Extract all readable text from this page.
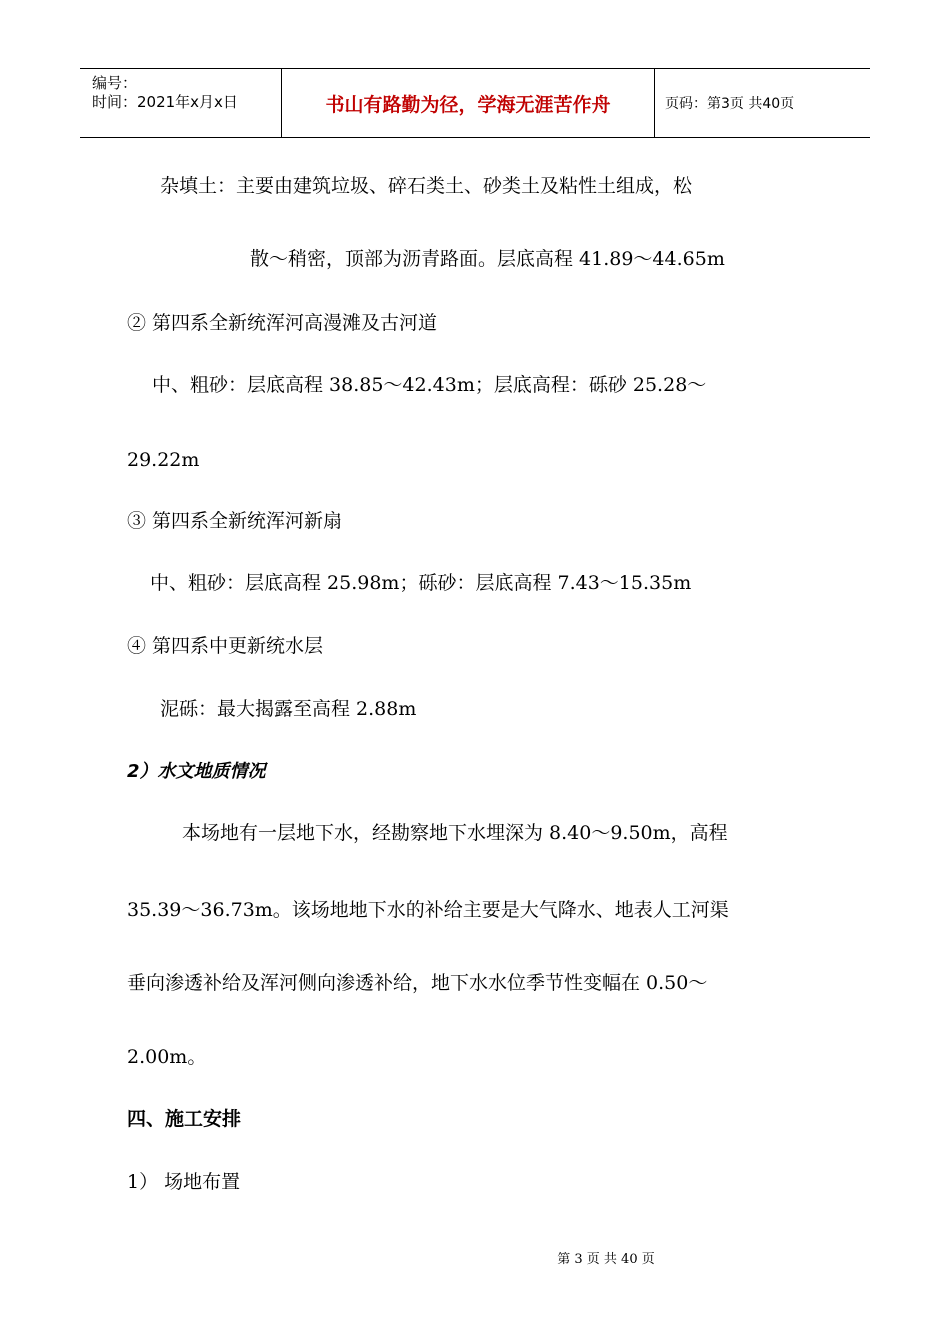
编号：
时间：2021年x月x日	书山有路勤为径，学海无涯苦作舟	页码：第3页 共40页
杂填土：主要由建筑垃圾、碎石类土、砂类土及粘性土组成，松
散～稍密，顶部为沥青路面。层底高程 41.89～44.65m
② 第四系全新统浑河高漫滩及古河道
中、粗砂：层底高程 38.85～42.43m；层底高程：砾砂 25.28～
29.22m
③ 第四系全新统浑河新扇
中、粗砂：层底高程 25.98m；砾砂：层底高程 7.43～15.35m
④ 第四系中更新统水层
泥砾：最大揭露至高程 2.88m
2）水文地质情况
本场地有一层地下水，经勘察地下水埋深为 8.40～9.50m，高程
35.39～36.73m。该场地地下水的补给主要是大气降水、地表人工河渠
垂向渗透补给及浑河侧向渗透补给，地下水水位季节性变幅在 0.50～
2.00m。
四、施工安排
1） 场地布置
第 3 页 共 40 页
